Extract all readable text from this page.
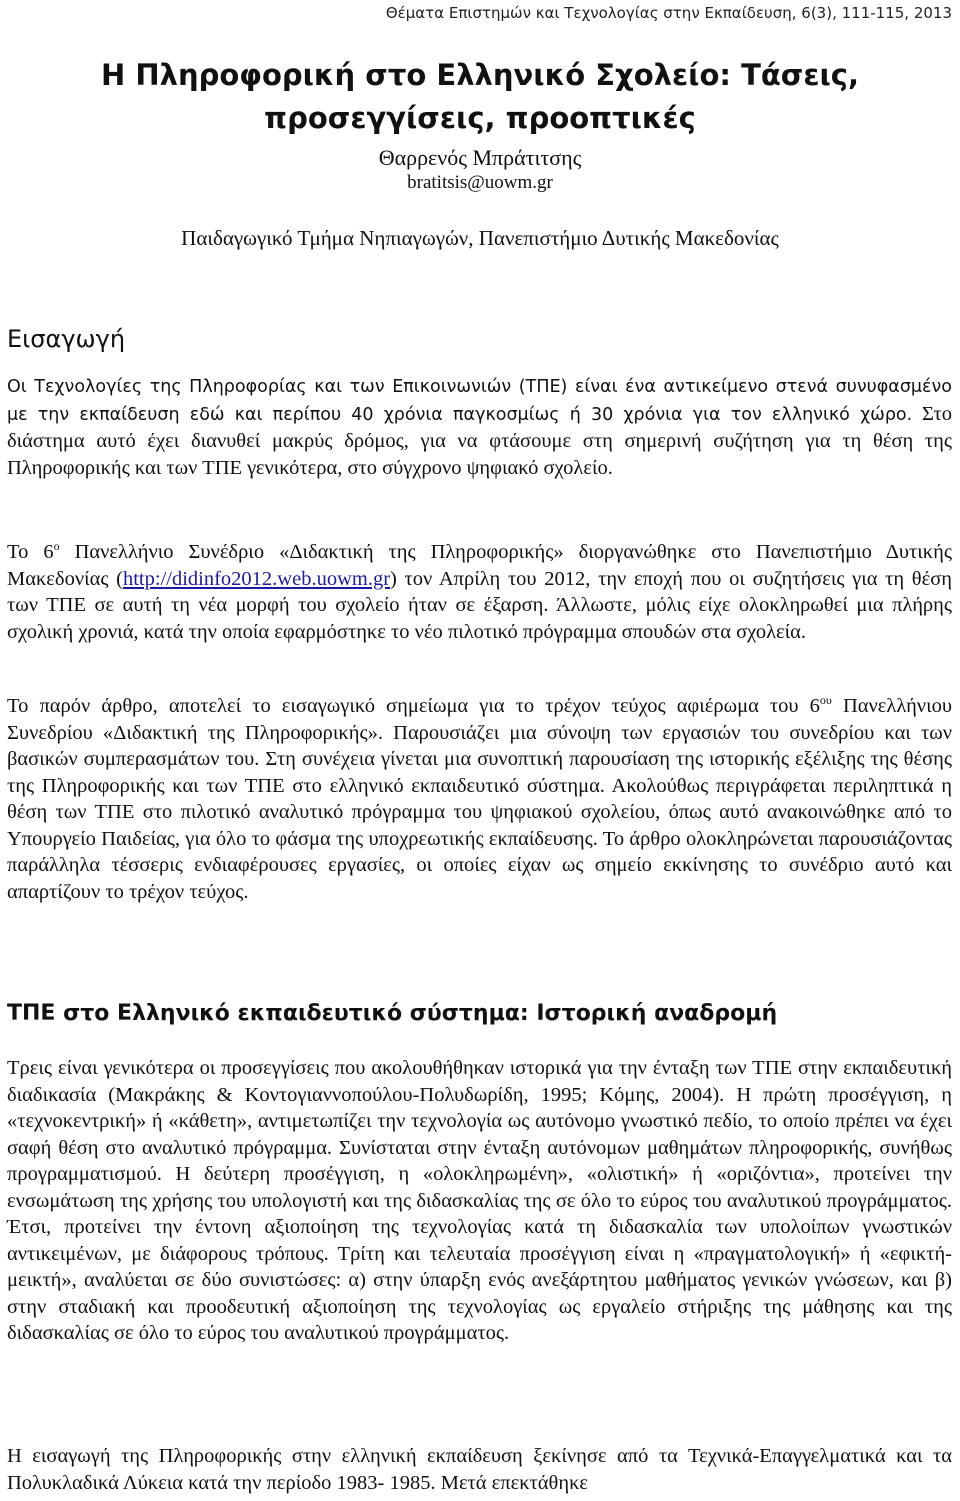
Θέματα Επιστημών και Τεχνολογίας στην Εκπαίδευση, 6(3), 111-115, 2013
Η Πληροφορική στο Ελληνικό Σχολείο: Τάσεις,
προσεγγίσεις, προοπτικές
Θαρρενός Μπράτιτσης
bratitsis@uowm.gr
Παιδαγωγικό Τμήμα Νηπιαγωγών, Πανεπιστήμιο Δυτικής Μακεδονίας
Εισαγωγή

Οι Τεχνολογίες της Πληροφορίας και των Επικοινωνιών (ΤΠΕ) είναι ένα αντικείμενο στενά συνυφασμένο με την εκπαίδευση εδώ και περίπου 40 χρόνια παγκοσμίως ή 30 χρόνια για τον ελληνικό χώρο. Στο διάστημα αυτό έχει διανυθεί μακρύς δρόμος, για να φτάσουμε στη σημερινή συζήτηση για τη θέση της Πληροφορικής και των ΤΠΕ γενικότερα, στο σύγχρονο ψηφιακό σχολείο.

Το $6^o$ Πανελλήνιο Συνέδριο «Διδακτική της Πληροφορικής» διοργανώθηκε στο Πανεπιστήμιο Δυτικής Μακεδονίας (http://didinfo2012.web.uowm.gr) τον Απρίλη του 2012, την εποχή που οι συζητήσεις για τη θέση των ΤΠΕ σε αυτή τη νέα μορφή του σχολείο ήταν σε έξαρση. Άλλωστε, μόλις είχε ολοκληρωθεί μια πλήρης σχολική χρονιά, κατά την οποία εφαρμόστηκε το νέο πιλοτικό πρόγραμμα σπουδών στα σχολεία.

Το παρόν άρθρο, αποτελεί το εισαγωγικό σημείωμα για το τρέχον τεύχος αφιέρωμα του $6^{o\upsilon}$ Πανελλήνιου Συνεδρίου «Διδακτική της Πληροφορικής». Παρουσιάζει μια σύνοψη των εργασιών του συνεδρίου και των βασικών συμπερασμάτων του. Στη συνέχεια γίνεται μια συνοπτική παρουσίαση της ιστορικής εξέλιξης της θέσης της Πληροφορικής και των ΤΠΕ στο ελληνικό εκπαιδευτικό σύστημα. Ακολούθως περιγράφεται περιληπτικά η θέση των ΤΠΕ στο πιλοτικό αναλυτικό πρόγραμμα του ψηφιακού σχολείου, όπως αυτό ανακοινώθηκε από το Υπουργείο Παιδείας, για όλο το φάσμα της υποχρεωτικής εκπαίδευσης. Το άρθρο ολοκληρώνεται παρουσιάζοντας παράλληλα τέσσερις ενδιαφέρουσες εργασίες, οι οποίες είχαν ως σημείο εκκίνησης το συνέδριο αυτό και απαρτίζουν το τρέχον τεύχος.

ΤΠΕ στο Ελληνικό εκπαιδευτικό σύστημα: Ιστορική αναδρομή

Τρεις είναι γενικότερα οι προσεγγίσεις που ακολουθήθηκαν ιστορικά για την ένταξη των ΤΠΕ στην εκπαιδευτική διαδικασία (Μακράκης & Κοντογιαννοπούλου-Πολυδωρίδη, 1995; Κόμης, 2004). Η πρώτη προσέγγιση, η «τεχνοκεντρική» ή «κάθετη», αντιμετωπίζει την τεχνολογία ως αυτόνομο γνωστικό πεδίο, το οποίο πρέπει να έχει σαφή θέση στο αναλυτικό πρόγραμμα. Συνίσταται στην ένταξη αυτόνομων μαθημάτων πληροφορικής, συνήθως προγραμματισμού. Η δεύτερη προσέγγιση, η «ολοκληρωμένη», «ολιστική» ή «οριζόντια», προτείνει την ενσωμάτωση της χρήσης του υπολογιστή και της διδασκαλίας της σε όλο το εύρος του αναλυτικού προγράμματος. Έτσι, προτείνει την έντονη αξιοποίηση της τεχνολογίας κατά τη διδασκαλία των υπολοίπων γνωστικών αντικειμένων, με διάφορους τρόπους. Τρίτη και τελευταία προσέγγιση είναι η «πραγματολογική» ή «εφικτή-μεικτή», αναλύεται σε δύο συνιστώσες: α) στην ύπαρξη ενός ανεξάρτητου μαθήματος γενικών γνώσεων, και β) στην σταδιακή και προοδευτική αξιοποίηση της τεχνολογίας ως εργαλείο στήριξης της μάθησης και της διδασκαλίας σε όλο το εύρος του αναλυτικού προγράμματος.

Η εισαγωγή της Πληροφορικής στην ελληνική εκπαίδευση ξεκίνησε από τα Τεχνικά-Επαγγελματικά και τα Πολυκλαδικά Λύκεια κατά την περίοδο 1983- 1985. Μετά επεκτάθηκε
